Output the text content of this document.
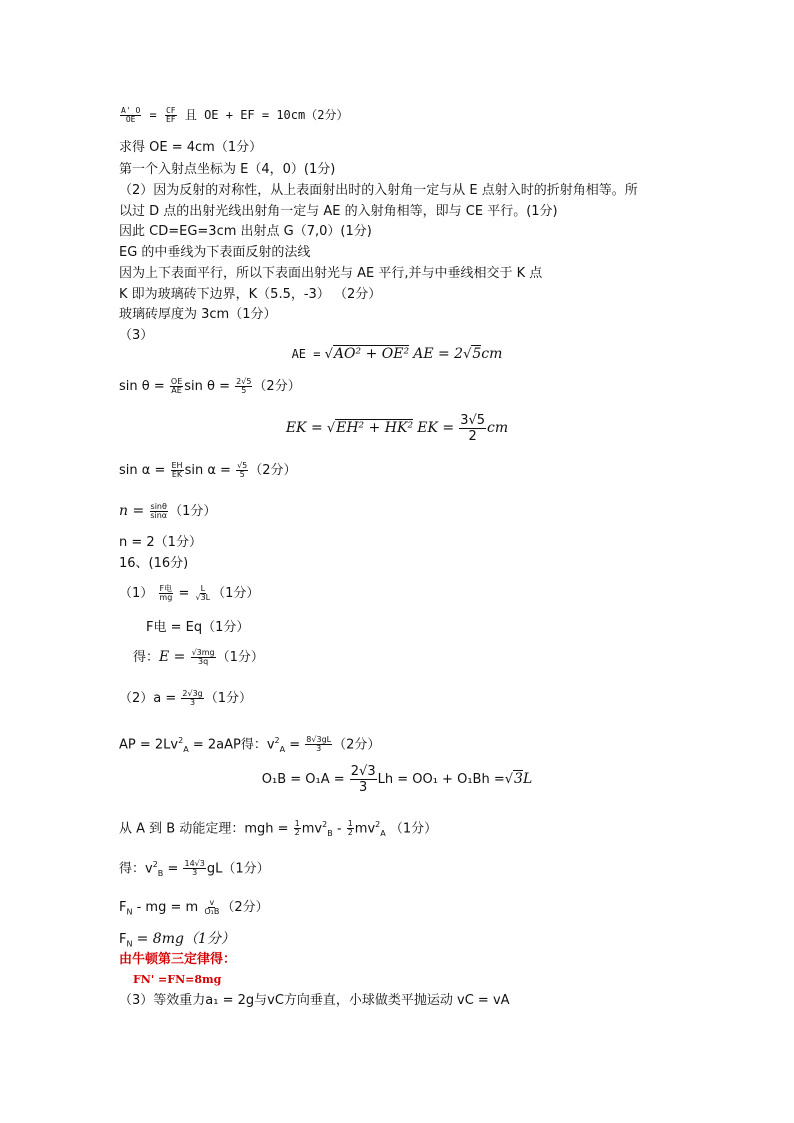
$\frac{A' O}{OE} = \frac{CF}{EF}$ 且 OE + EF = 10cm（2分）
求得 OE = 4cm（1分）
第一个入射点坐标为 E（4，0）(1分)
（2）因为反射的对称性，从上表面射出时的入射角一定与从 E 点射入时的折射角相等。所
以过 D 点的出射光线出射角一定与 AE 的入射角相等，即与 CE 平行。(1分)
因此 CD=EG=3cm 出射点 G（7,0）(1分)
EG 的中垂线为下表面反射的法线
因为上下表面平行，所以下表面出射光与 AE 平行,并与中垂线相交于 K 点
K 即为玻璃砖下边界，K（5.5，-3） （2分）
玻璃砖厚度为 3cm（1分）
（3）
AE = √AO² + OE² AE = 2√5cm
$\sin \theta = \frac{OE}{AE}$ $\sin \theta = \frac{2√5}{5} (2$分）
EK = √EH² + HK² EK = $\frac{3√5}{2}$ cm
$\sin \alpha = \frac{EH}{EK}$ $\sin \alpha = \frac{√5}{5} (2$分）
$n = \frac{\sin\theta}{\sin\alpha} (1$分）
n = 2（1分）
16、(16分)
$(1) \frac{\text{F电}}{mg} = \frac{L}{√3L} (1$分）
F电 = Eq（1分）
得：$E = \frac{√3mg}{3q} (1$分）
$(2)a = \frac{2√3g}{3} (1$分）
AP = $2Lv^2_A = 2aAP$得：$v^2_A = \frac{8√3gL}{3} (2$分）
$O_1B = O_1A = \frac{2√3}{3}$ Lh = OO₁ + O₁Bh =√3L
从 A 到 B 动能定理：mgh = $\frac{1}{2} mv^2_B - \frac{1}{2} mv^2_A$ （1分）
得：$v^2_B = \frac{14√3}{3} gL(1$分）
$F_N$ - mg = m $\frac{v}{\text{O₁B}} (2$分）
$F_N = 8mg(1$分）
由牛顿第三定律得：
FN' =FN=8mg
（3）等效重力a₁ = 2g与vC方向垂直，小球做类平抛运动 vC = vA
